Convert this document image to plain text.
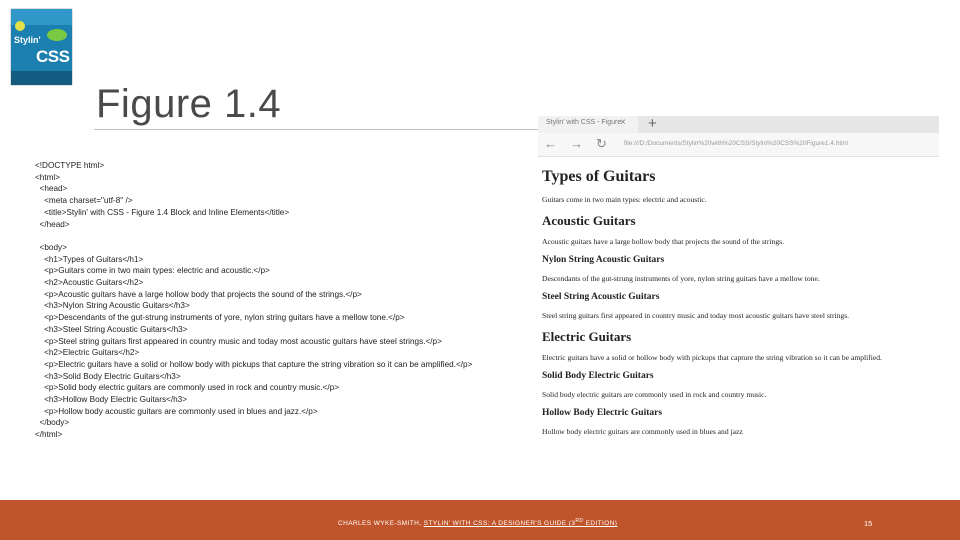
Stylin'
CSS
Figure 1.4
<!DOCTYPE html>
<html>
<head>
<meta charset="utf-8" />
<title>Stylin' with CSS - Figure 1.4 Block and Inline Elements</title>
</head>

<body>
<h1>Types of Guitars</h1>
<p>Guitars come in two main types: electric and acoustic.</p>
<h2>Acoustic Guitars</h2>
<p>Acoustic guitars have a large hollow body that projects the sound of the strings.</p>
<h3>Nylon String Acoustic Guitars</h3>
<p>Descendants of the gut-strung instruments of yore, nylon string guitars have a mellow tone.</p>
<h3>Steel String Acoustic Guitars</h3>
<p>Steel string guitars first appeared in country music and today most acoustic guitars have steel strings.</p>
<h2>Electric Guitars</h2>
<p>Electric guitars have a solid or hollow body with pickups that capture the string vibration so it can be amplified.</p>
<h3>Solid Body Electric Guitars</h3>
<p>Solid body electric guitars are commonly used in rock and country music.</p>
<h3>Hollow Body Electric Guitars</h3>
<p>Hollow body acoustic guitars are commonly used in blues and jazz.</p>
</body>
</html>
Stylin' with CSS - Figure
× +
← → ↻	file:///D:/Documents/Stylin%20with%20CSS/Stylin%20CSS%20Figure1.4.html
Types of Guitars
Guitars come in two main types: electric and acoustic.
Acoustic Guitars
Acoustic guitars have a large hollow body that projects the sound of the strings.
Nylon String Acoustic Guitars
Descendants of the gut-strung instruments of yore, nylon string guitars have a mellow tone.
Steel String Acoustic Guitars
Steel string guitars first appeared in country music and today most acoustic guitars have steel strings.
Electric Guitars
Electric guitars have a solid or hollow body with pickups that capture the string vibration so it can be amplified.
Solid Body Electric Guitars
Solid body electric guitars are commonly used in rock and country music.
Hollow Body Electric Guitars
Hollow body electric guitars are commonly used in blues and jazz
CHARLES WYKE-SMITH, STYLIN' WITH CSS: A DESIGNER'S GUIDE (3RD EDITION)	15
